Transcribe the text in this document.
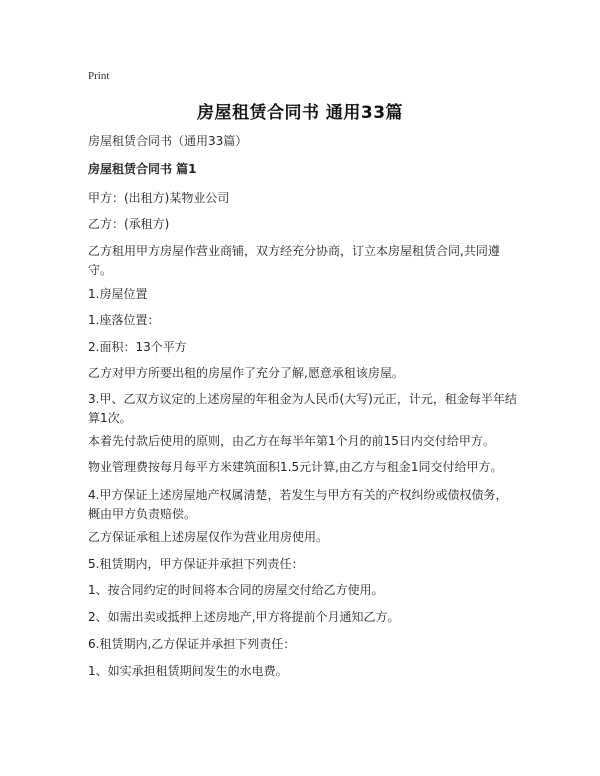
Print
房屋租赁合同书 通用33篇
房屋租赁合同书（通用33篇）
房屋租赁合同书 篇1
甲方：(出租方)某物业公司
乙方：(承租方)
乙方租用甲方房屋作营业商铺，双方经充分协商，订立本房屋租赁合同,共同遵守。
1.房屋位置
1.座落位置：
2.面积：13个平方
乙方对甲方所要出租的房屋作了充分了解,愿意承租该房屋。
3.甲、乙双方议定的上述房屋的年租金为人民币(大写)元正，计元，租金每半年结算1次。
本着先付款后使用的原则，由乙方在每半年第1个月的前15日内交付给甲方。
物业管理费按每月每平方米建筑面积1.5元计算,由乙方与租金1同交付给甲方。
4.甲方保证上述房屋地产权属清楚，若发生与甲方有关的产权纠纷或债权债务，概由甲方负责赔偿。
乙方保证承租上述房屋仅作为营业用房使用。
5.租赁期内，甲方保证并承担下列责任：
1、按合同约定的时间将本合同的房屋交付给乙方使用。
2、如需出卖或抵押上述房地产,甲方将提前个月通知乙方。
6.租赁期内,乙方保证并承担下列责任：
1、如实承担租赁期间发生的水电费。
